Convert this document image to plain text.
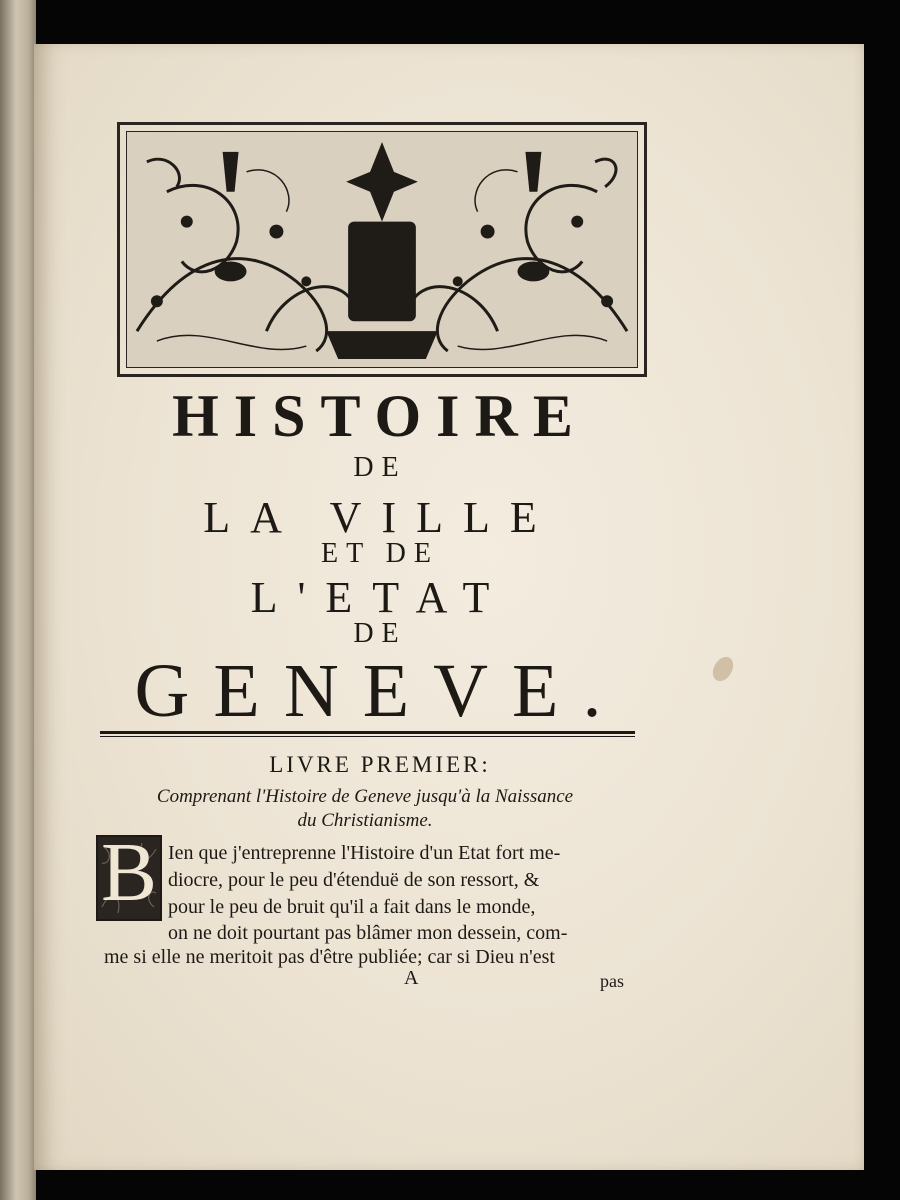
HISTOIRE
DE
LA VILLE
ET DE
L'ETAT
DE
GENEVE.
LIVRE PREMIER:
Comprenant l'Histoire de Geneve jusqu'à la Naissance
du Christianisme.
B Ien que j'entreprenne l'Histoire d'un Etat fort me-
diocre, pour le peu d'étenduë de son ressort, &
pour le peu de bruit qu'il a fait dans le monde,
on ne doit pourtant pas blâmer mon dessein, com-
me si elle ne meritoit pas d'être publiée; car si Dieu n'est
A	pas
